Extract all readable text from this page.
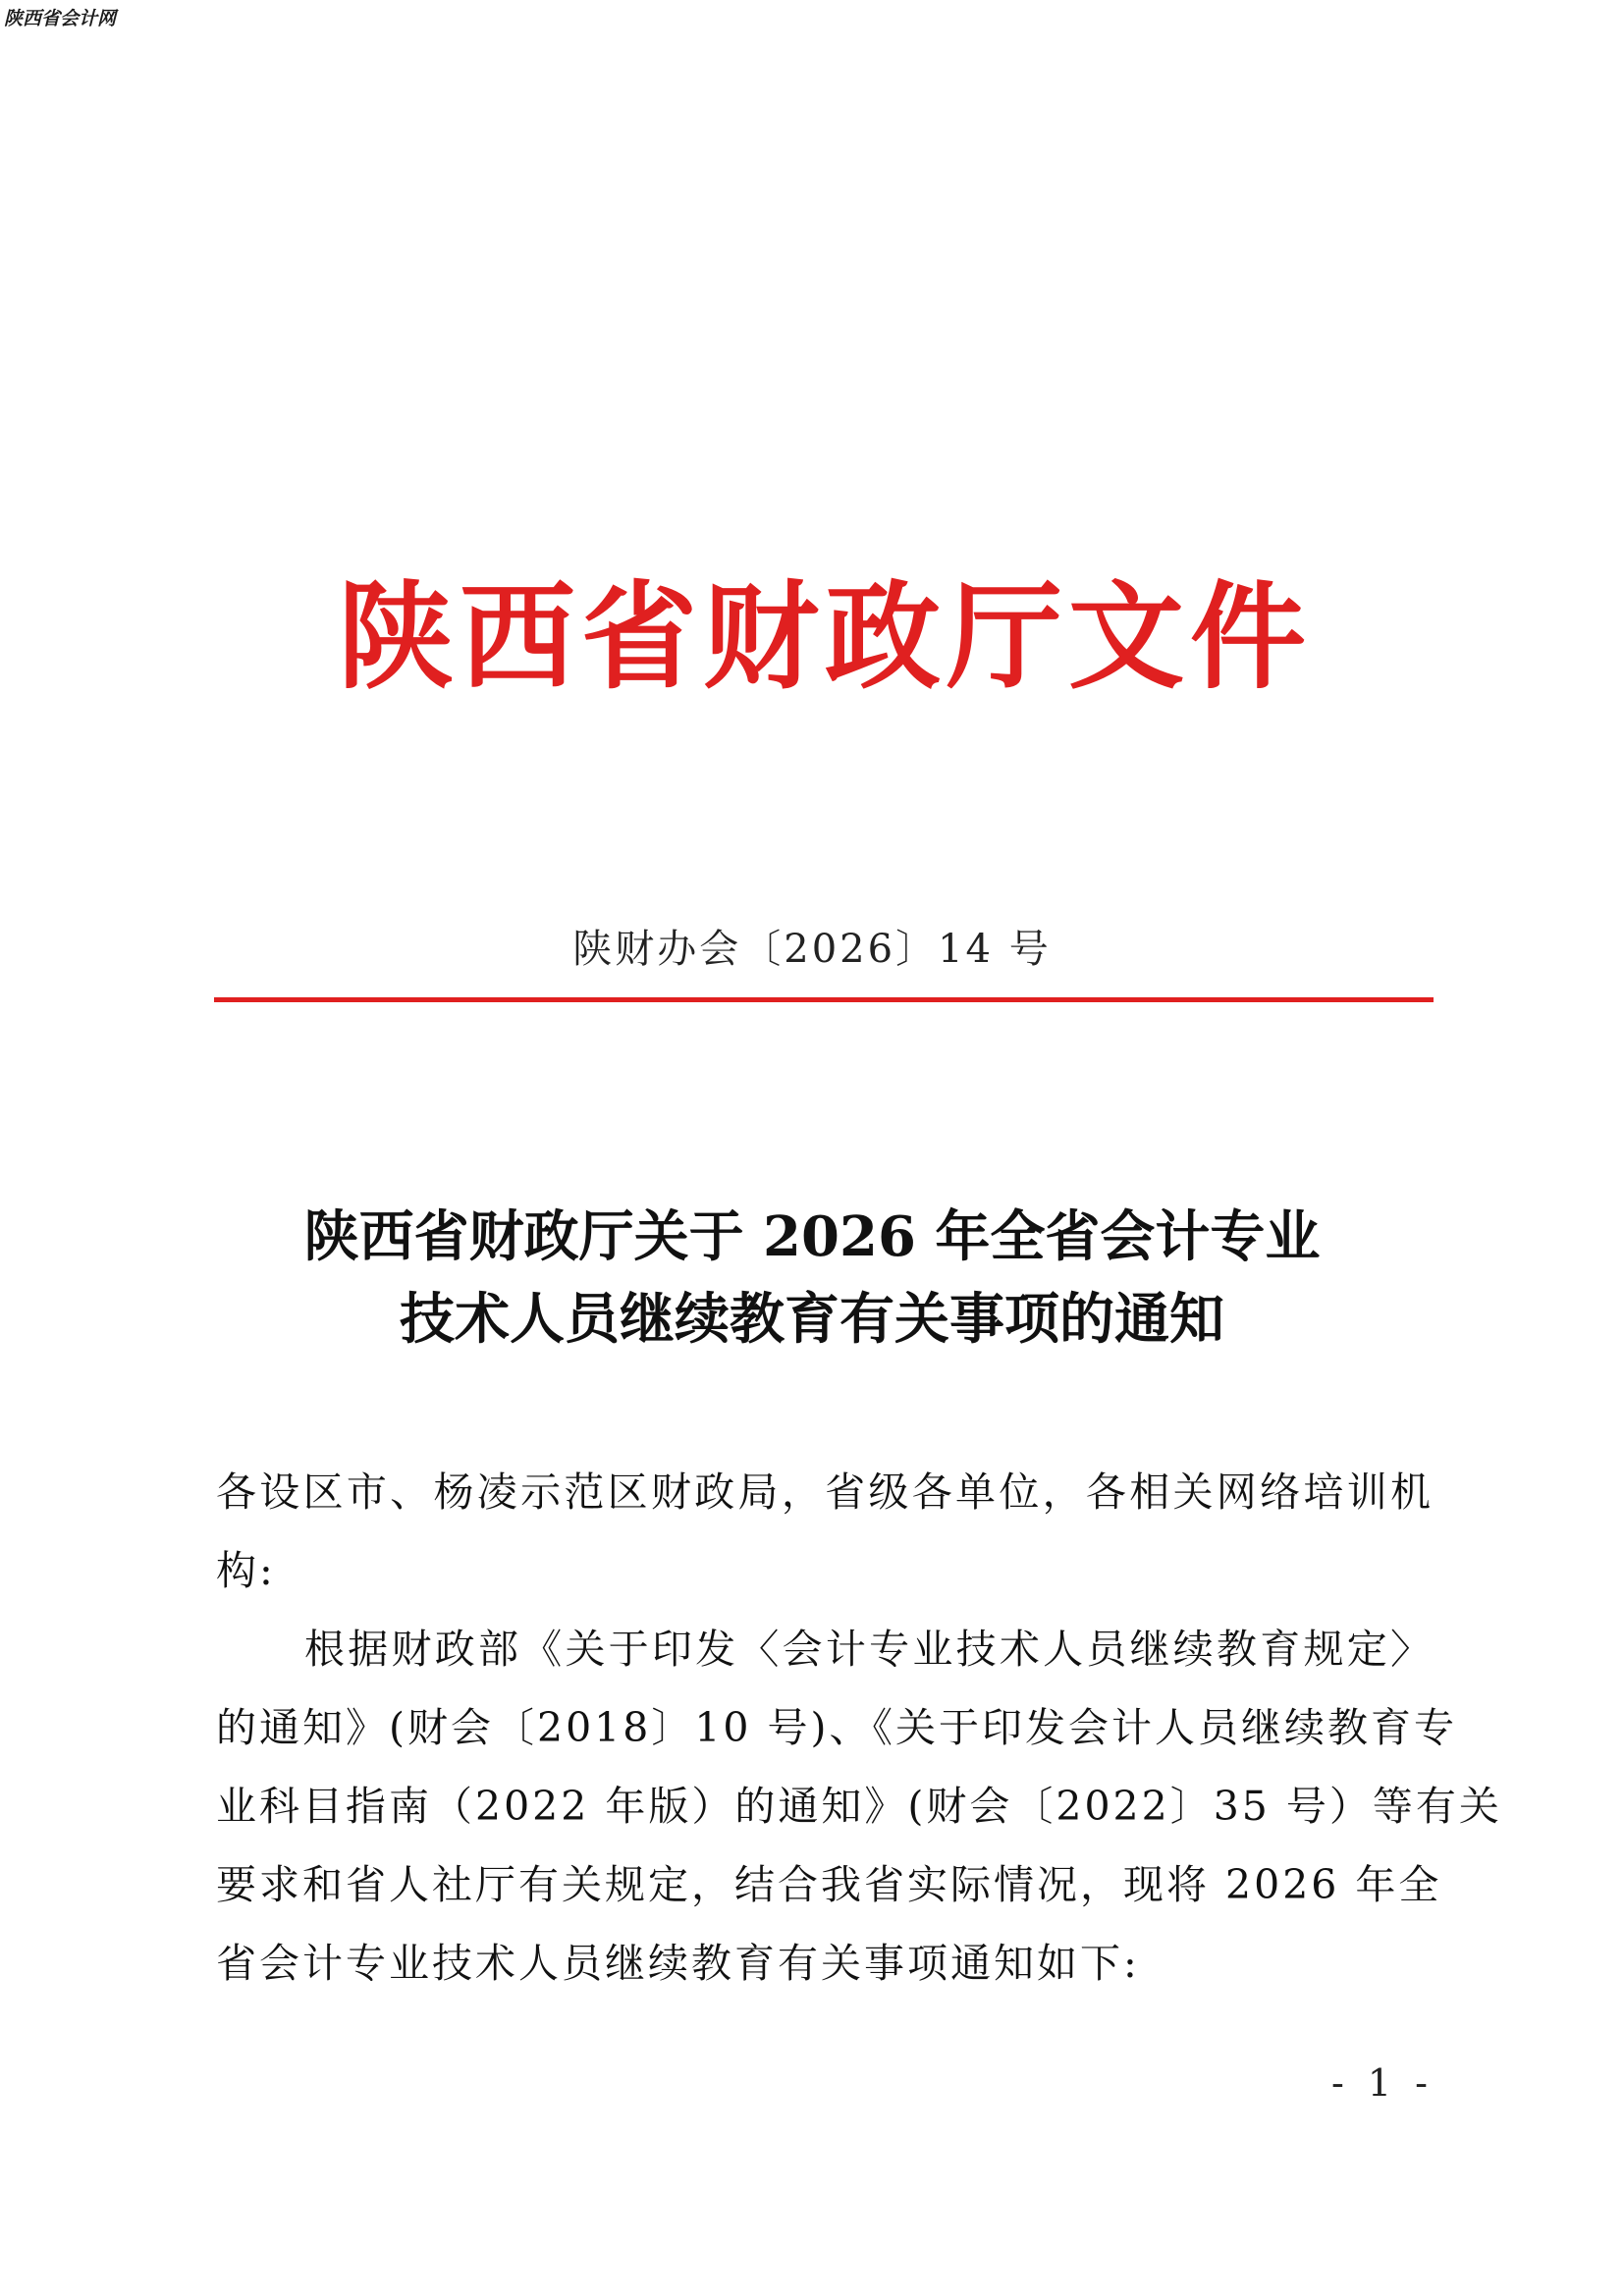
陕西省会计网
陕西省财政厅文件
陕财办会〔2026〕14 号
陕西省财政厅关于 2026 年全省会计专业
技术人员继续教育有关事项的通知
各设区市、杨凌示范区财政局，省级各单位，各相关网络培训机
构:
根据财政部《关于印发〈会计专业技术人员继续教育规定〉
的通知》(财会〔2018〕10 号)、《关于印发会计人员继续教育专
业科目指南（2022 年版）的通知》(财会〔2022〕35 号）等有关
要求和省人社厅有关规定，结合我省实际情况，现将 2026 年全
省会计专业技术人员继续教育有关事项通知如下:
- 1 -
